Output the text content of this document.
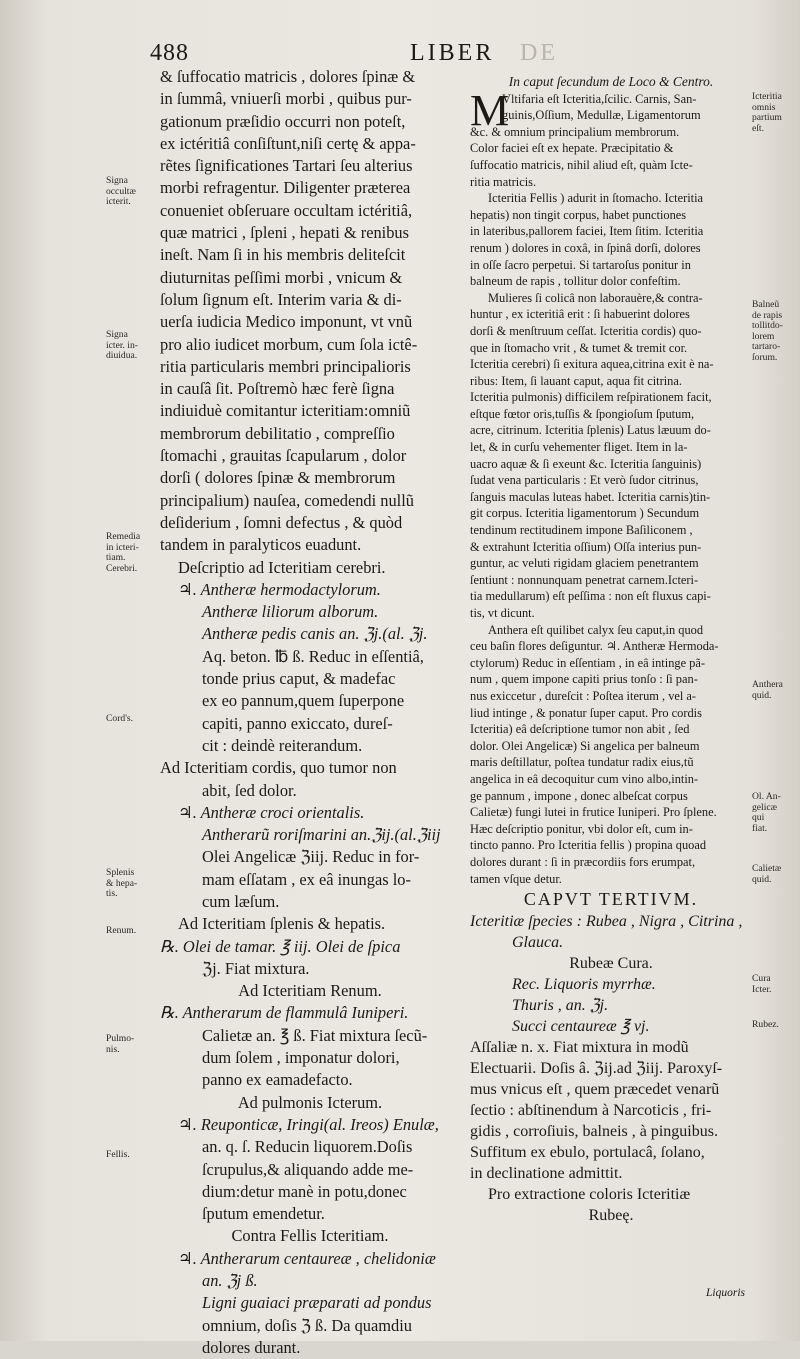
488	LIBER DE
& ſuffocatio matricis , dolores ſpinæ &
in ſummâ, vniuerſi morbi , quibus pur-
gationum præſidio occurri non poteſt,
ex ictéritiâ conſiſtunt,niſi certę & appa-
rẽtes ſignificationes Tartari ſeu alterius
morbi refragentur. Diligenter præterea
conueniet obſeruare occultam ictéritiâ,
quæ matrici , ſpleni , hepati & renibus
ineſt. Nam ſi in his membris deliteſcit
diuturnitas peſſimi morbi , vnicum &
ſolum ſignum eſt. Interim varia & di-
uerſa iudicia Medico imponunt, vt vnũ
pro alio iudicet morbum, cum ſola ictê-
ritia particularis membri principalioris
in cauſâ ſit. Poſtremò hæc ferè ſigna
indiuiduè comitantur icteritiam:omniũ
membrorum debilitatio , compreſſio
ſtomachi , grauitas ſcapularum , dolor
dorſi ( dolores ſpinæ & membrorum
principalium) nauſea, comedendi nullũ
deſiderium , ſomni defectus , & quòd
tandem in paralyticos euadunt.
Deſcriptio ad Icteritiam cerebri.
♃. Antheræ hermodactylorum.
Antheræ liliorum alborum.
Antheræ pedis canis an. ℨj.(al. ℨj.
Aq. beton. ℔ ß. Reduc in eſſentiâ,
tonde prius caput, & madefac
ex eo pannum,quem ſuperpone
capiti, panno exiccato, dureſ-
cit : deindè reiterandum.
Ad Icteritiam cordis, quo tumor non
abit, ſed dolor.
♃. Antheræ croci orientalis.
Antherarũ roriſmarini an.ℨij.(al.ℨiij
Olei Angelicæ ℨiij. Reduc in for-
mam eſſatam , ex eâ inungas lo-
cum læſum.
Ad Icteritiam ſplenis & hepatis.
℞. Olei de tamar. ℥ iij. Olei de ſpica
ℨj. Fiat mixtura.
Ad Icteritiam Renum.
℞. Antherarum de flammulâ Iuniperi.
Calietæ an. ℥ ß. Fiat mixtura ſecũ-
dum ſolem , imponatur dolori,
panno ex eamadefacto.
Ad pulmonis Icterum.
♃. Reuponticæ, Iringi(al. Ireos) Enulæ,
an. q. ſ. Reducin liquorem.Doſis
ſcrupulus,& aliquando adde me-
dium:detur manè in potu,donec
ſputum emendetur.
Contra Fellis Icteritiam.
♃. Antherarum centaureæ , chelidoniæ
an. ℨj ß.
Ligni guaiaci præparati ad pondus
omnium, doſis ℨ ß. Da quamdiu
dolores durant.
In caput ſecundum de Loco & Centro.
M
Vltifaria eſt Icteritia,ſcilic. Carnis, San-
guinis,Oſſium, Medullæ, Ligamentorum
&c. & omnium principalium membrorum.
Color faciei eſt ex hepate. Præcipitatio &
ſuffocatio matricis, nihil aliud eſt, quàm Icte-
ritia matricis.
Icteritia Fellis ) adurit in ſtomacho. Icteritia
hepatis) non tingit corpus, habet punctiones
in lateribus,pallorem faciei, Item ſitim. Icteritia
renum ) dolores in coxâ, in ſpinâ dorſi, dolores
in oſſe ſacro perpetui. Si tartaroſus ponitur in
balneum de rapis , tollitur dolor confeſtim.
Mulieres ſi colicâ non laborauère,& contra-
huntur , ex icteritiâ erit : ſi habuerint dolores
dorſi & menſtruum ceſſat. Icteritia cordis) quo-
que in ſtomacho vrit , & tumet & tremit cor.
Icteritia cerebri) ſi exitura aquea,citrina exit è na-
ribus: Item, ſi lauant caput, aqua fit citrina.
Icteritia pulmonis) difficilem reſpirationem facit,
eſtque fœtor oris,tuſſis & ſpongioſum ſputum,
acre, citrinum. Icteritia ſplenis) Latus læuum do-
let, & in curſu vehementer fliget. Item in la-
uacro aquæ & ſi exeunt &c. Icteritia ſanguinis)
ſudat vena particularis : Et verò ſudor citrinus,
ſanguis maculas luteas habet. Icteritia carnis)tin-
git corpus. Icteritia ligamentorum ) Secundum
tendinum rectitudinem impone Baſiliconem ,
& extrahunt Icteritia oſſium) Oſſa interius pun-
guntur, ac veluti rigidam glaciem penetrantem
ſentiunt : nonnunquam penetrat carnem.Icteri-
tia medullarum) eſt peſſima : non eſt fluxus capi-
tis, vt dicunt.
Anthera eſt quilibet calyx ſeu caput,in quod
ceu baſin flores deſiguntur. ♃. Antheræ Hermoda-
ctylorum) Reduc in eſſentiam , in eâ intinge pã-
num , quem impone capiti prius tonſo : ſi pan-
nus exiccetur , dureſcit : Poſtea iterum , vel a-
liud intinge , & ponatur ſuper caput. Pro cordis
Icteritia) eâ deſcriptione tumor non abit , ſed
dolor. Olei Angelicæ) Si angelica per balneum
maris deſtillatur, poſtea tundatur radix eius,tũ
angelica in eâ decoquitur cum vino albo,intin-
ge pannum , impone , donec albeſcat corpus
Calietæ) fungi lutei in frutice Iuniperi. Pro ſplene.
Hæc deſcriptio ponitur, vbi dolor eſt, cum in-
tincto panno. Pro Icteritia fellis ) propina quoad
dolores durant : ſi in præcordiis fors erumpat,
tamen vſque detur.
CAPVT TERTIVM.
Icteritiæ ſpecies : Rubea , Nigra , Citrina ,
Glauca.
Rubeæ Cura.
Rec. Liquoris myrrhæ.
Thuris , an. ℨj.
Succi centaureæ ℥ vj.
Aſſaliæ n. x. Fiat mixtura in modũ
Electuarii. Doſis â. ℨij.ad ℨiij. Paroxyſ-
mus vnicus eſt , quem præcedet venarũ
ſectio : abſtinendum à Narcoticis , fri-
gidis , corroſiuis, balneis , à pinguibus.
Suffitum ex ebulo, portulacâ, ſolano,
in declinatione admittit.
Pro extractione coloris Icteritiæ
Rubeę.
Liquoris
Signa
occultæ
icterit.
Signa
icter. in-
diuidua.
Remedia
in icteri-
tiam.
Cerebri.
Cord's.
Splenis
& hepa-
tis.
Renum.
Pulmo-
nis.
Fellis.
Icteritia
omnis
partium
eſt.
Balneũ
de rapis
tollitdo-
lorem
tartaro-
ſorum.
Anthera
quid.
Ol. An-
gelicæ
qui
fiat.
Calietæ
quid.
Cura
Icter.
Rubez.
